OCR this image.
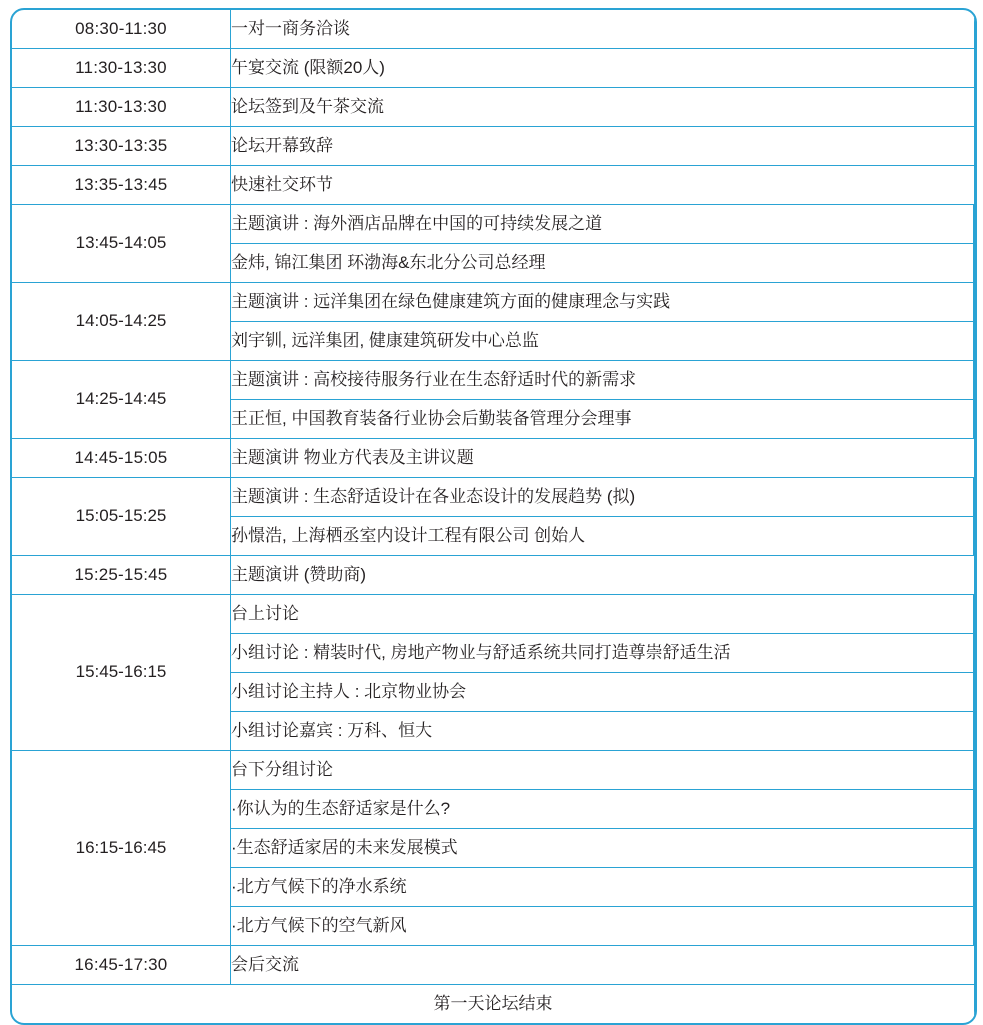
08:30-11:30	一对一商务洽谈
11:30-13:30	午宴交流 (限额20人)
11:30-13:30	论坛签到及午茶交流
13:30-13:35	论坛开幕致辞
13:35-13:45	快速社交环节
13:45-14:05	
主题演讲 : 海外酒店品牌在中国的可持续发展之道
金炜, 锦江集团 环渤海&东北分公司总经理

14:05-14:25	
主题演讲 : 远洋集团在绿色健康建筑方面的健康理念与实践
刘宇钏, 远洋集团, 健康建筑研发中心总监

14:25-14:45	
主题演讲 : 高校接待服务行业在生态舒适时代的新需求
王正恒, 中国教育装备行业协会后勤装备管理分会理事

14:45-15:05	主题演讲 物业方代表及主讲议题
15:05-15:25	
主题演讲 : 生态舒适设计在各业态设计的发展趋势 (拟)
孙憬浩, 上海栖丞室内设计工程有限公司 创始人

15:25-15:45	主题演讲 (赞助商)
15:45-16:15	
台上讨论
小组讨论 : 精装时代, 房地产物业与舒适系统共同打造尊崇舒适生活
小组讨论主持人 : 北京物业协会
小组讨论嘉宾 : 万科、恒大

16:15-16:45	
台下分组讨论
·你认为的生态舒适家是什么?
·生态舒适家居的未来发展模式
·北方气候下的净水系统
·北方气候下的空气新风

16:45-17:30	会后交流
第一天论坛结束
